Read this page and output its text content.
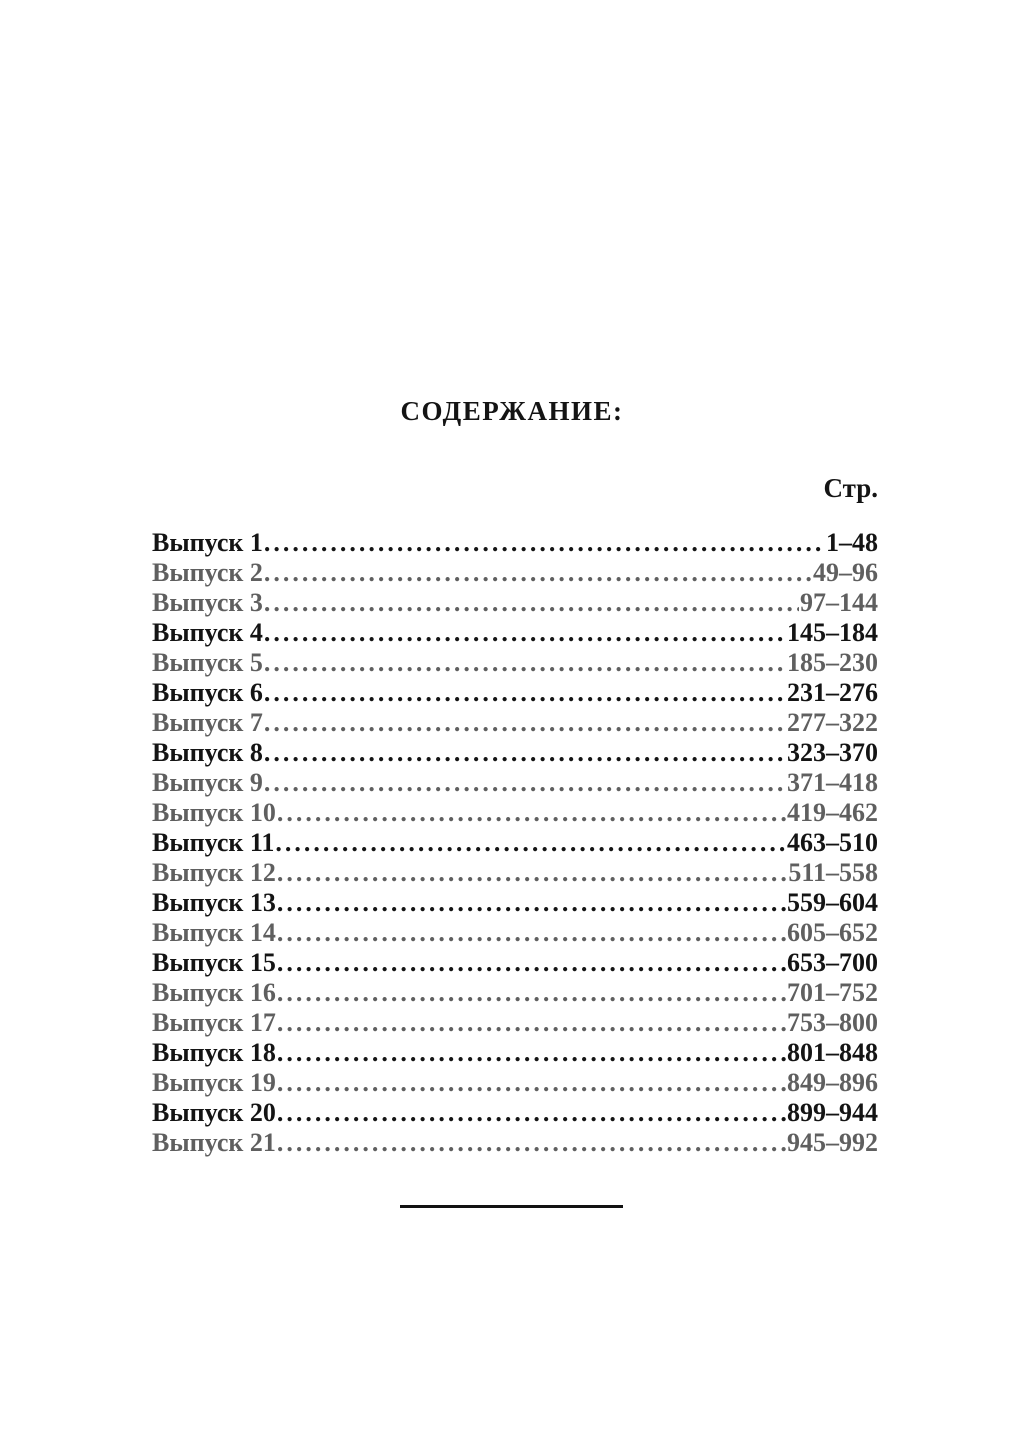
СОДЕРЖАНИЕ:
Стр.
Выпуск 1 .....	1–48
Выпуск 2 .....	49–96
Выпуск 3 .....	97–144
Выпуск 4 .....	145–184
Выпуск 5 .....	185–230
Выпуск 6 .....	231–276
Выпуск 7 .....	277–322
Выпуск 8 .....	323–370
Выпуск 9 .....	371–418
Выпуск 10 .....	419–462
Выпуск 11 .....	463–510
Выпуск 12 .....	511–558
Выпуск 13 .....	559–604
Выпуск 14 .....	605–652
Выпуск 15 .....	653–700
Выпуск 16 .....	701–752
Выпуск 17 .....	753–800
Выпуск 18 .....	801–848
Выпуск 19 .....	849–896
Выпуск 20 .....	899–944
Выпуск 21 .....	945–992
